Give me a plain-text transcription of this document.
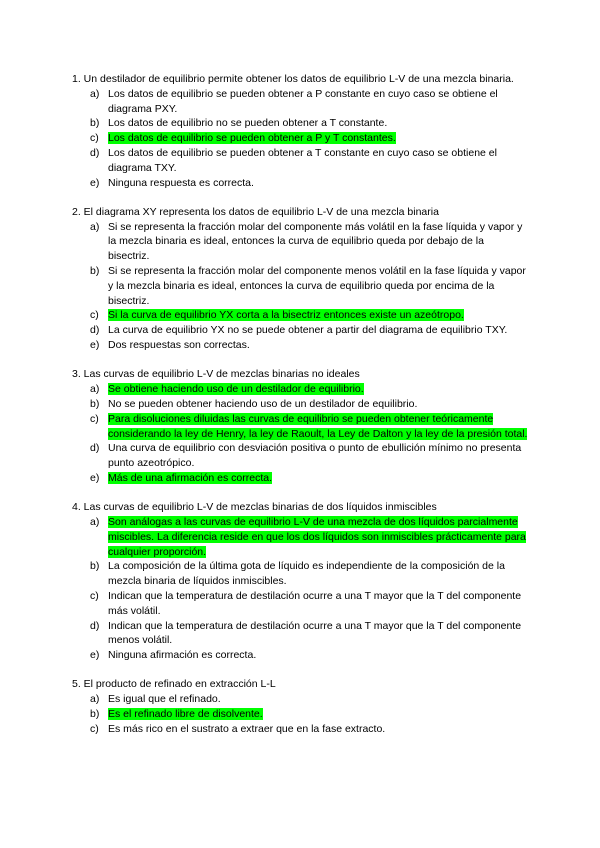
1. Un destilador de equilibrio permite obtener los datos de equilibrio L-V de una mezcla binaria.

a) Los datos de equilibrio se pueden obtener a P constante en cuyo caso se obtiene el diagrama PXY.
b) Los datos de equilibrio no se pueden obtener a T constante.
c) Los datos de equilibrio se pueden obtener a P y T constantes.
d) Los datos de equilibrio se pueden obtener a T constante en cuyo caso se obtiene el diagrama TXY.
e) Ninguna respuesta es correcta.

2. El diagrama XY representa los datos de equilibrio L-V de una mezcla binaria

a) Si se representa la fracción molar del componente más volátil en la fase líquida y vapor y la mezcla binaria es ideal, entonces la curva de equilibrio queda por debajo de la bisectriz.
b) Si se representa la fracción molar del componente menos volátil en la fase líquida y vapor y la mezcla binaria es ideal, entonces la curva de equilibrio queda por encima de la bisectriz.
c) Si la curva de equilibrio YX corta a la bisectriz entonces existe un azeótropo.
d) La curva de equilibrio YX no se puede obtener a partir del diagrama de equilibrio TXY.
e) Dos respuestas son correctas.

3. Las curvas de equilibrio L-V de mezclas binarias no ideales

a) Se obtiene haciendo uso de un destilador de equilibrio.
b) No se pueden obtener haciendo uso de un destilador de equilibrio.
c) Para disoluciones diluidas las curvas de equilibrio se pueden obtener teóricamente considerando la ley de Henry, la ley de Raoult, la Ley de Dalton y la ley de la presión total.
d) Una curva de equilibrio con desviación positiva o punto de ebullición mínimo no presenta punto azeotrópico.
e) Más de una afirmación es correcta.

4. Las curvas de equilibrio L-V de mezclas binarias de dos líquidos inmiscibles

a) Son análogas a las curvas de equilibrio L-V de una mezcla de dos líquidos parcialmente miscibles. La diferencia reside en que los dos líquidos son inmiscibles prácticamente para cualquier proporción.
b) La composición de la última gota de líquido es independiente de la composición de la mezcla binaria de líquidos inmiscibles.
c) Indican que la temperatura de destilación ocurre a una T mayor que la T del componente más volátil.
d) Indican que la temperatura de destilación ocurre a una T mayor que la T del componente menos volátil.
e) Ninguna afirmación es correcta.

5. El producto de refinado en extracción L-L

a) Es igual que el refinado.
b) Es el refinado libre de disolvente.
c) Es más rico en el sustrato a extraer que en la fase extracto.
